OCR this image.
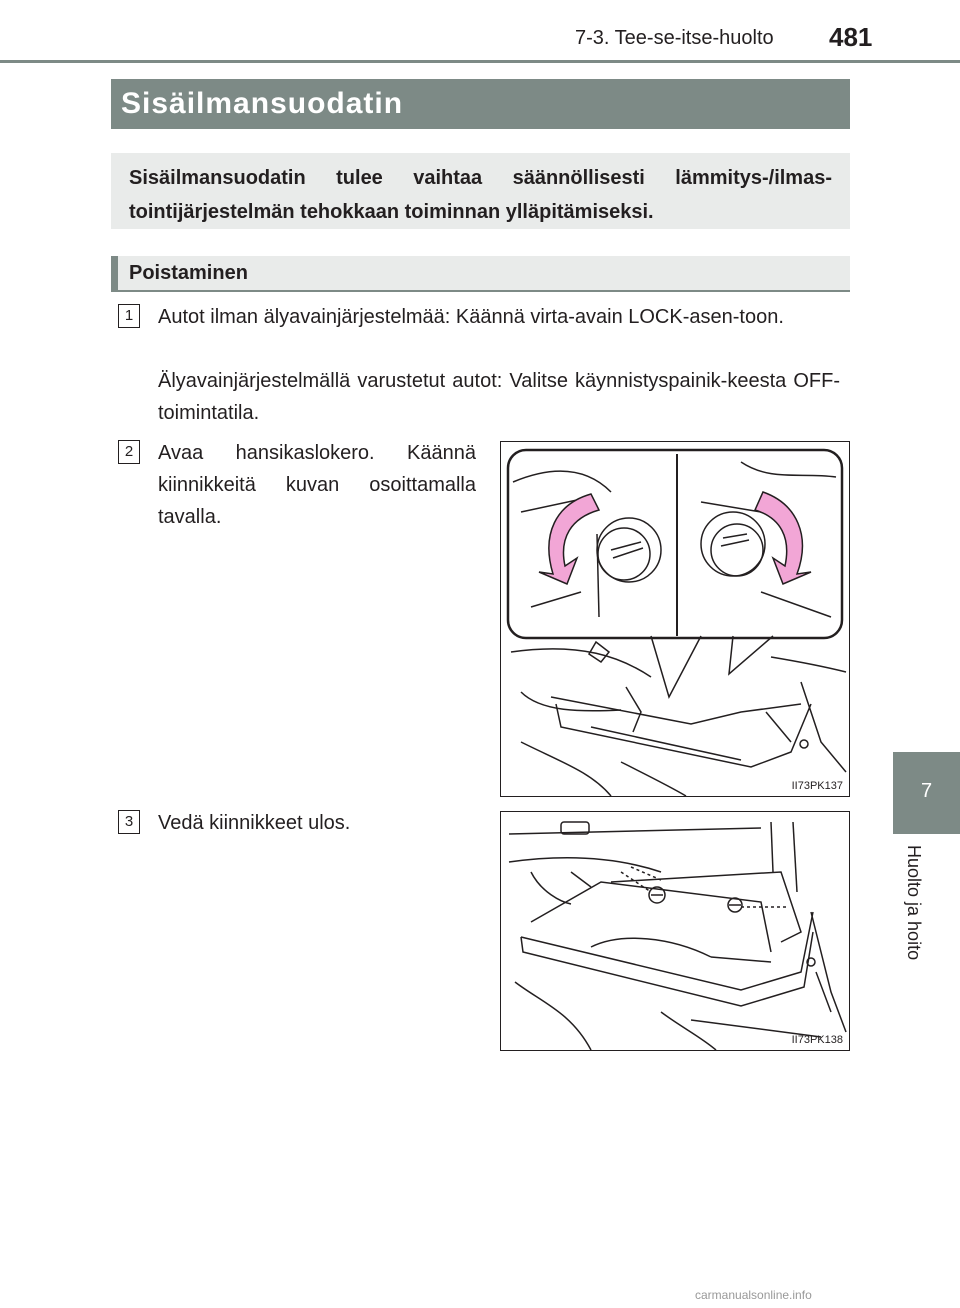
7-3. Tee-se-itse-huolto 481
Sisäilmansuodatin
Sisäilmansuodatin tulee vaihtaa säännöllisesti lämmitys-/ilmas-tointijärjestelmän tehokkaan toiminnan ylläpitämiseksi.
Poistaminen
1	Autot ilman älyavainjärjestelmää: Käännä virta-avain LOCK-asen-toon.
Älyavainjärjestelmällä varustetut autot: Valitse käynnistyspainik-keesta OFF-toimintatila.
2	Avaa hansikaslokero. Käännä kiinnikkeitä kuvan osoittamalla tavalla.
II73PK137
3	Vedä kiinnikkeet ulos.
II73PK138
7
Huolto ja hoito
carmanualsonline.info
